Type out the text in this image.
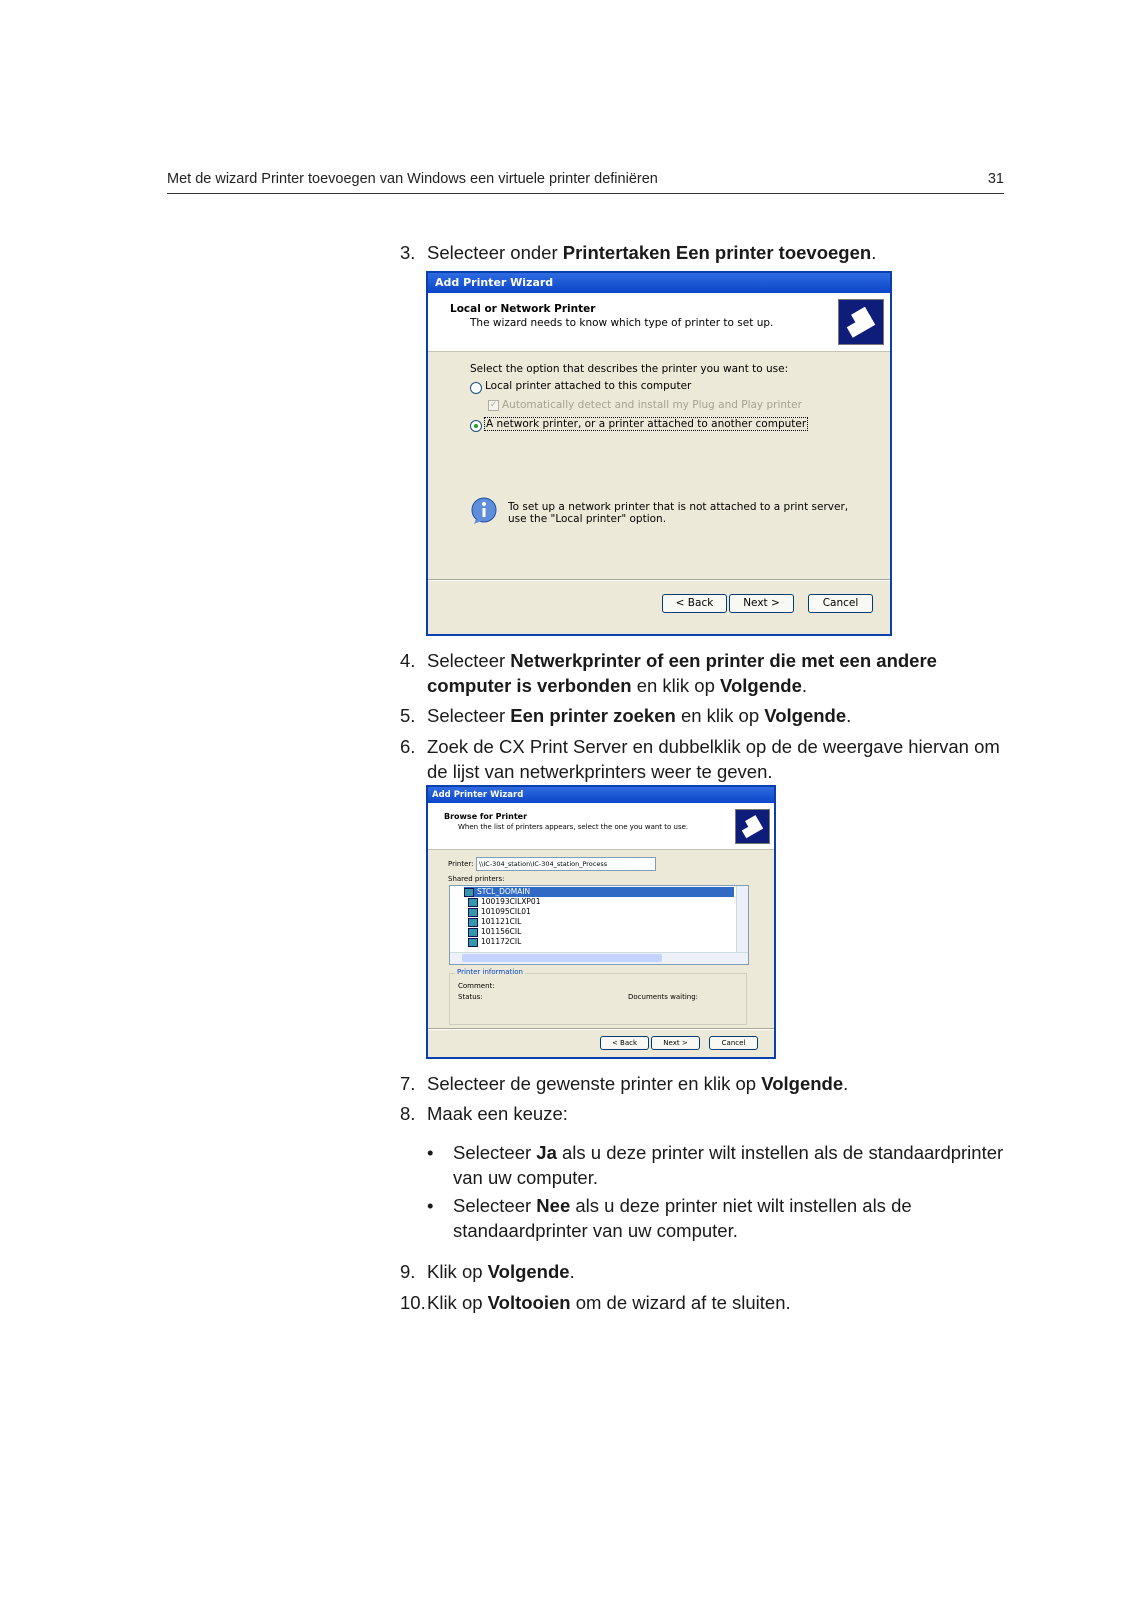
Met de wizard Printer toevoegen van Windows een virtuele printer definiëren	31
3. Selecteer onder Printertaken Een printer toevoegen.
Add Printer Wizard
Local or Network Printer
The wizard needs to know which type of printer to set up.
Select the option that describes the printer you want to use:
Local printer attached to this computer
✓ Automatically detect and install my Plug and Play printer
A network printer, or a printer attached to another computer
To set up a network printer that is not attached to a print server,
use the "Local printer" option.
< Back	Next >	Cancel
4. Selecteer Netwerkprinter of een printer die met een andere computer is verbonden en klik op Volgende.
5. Selecteer Een printer zoeken en klik op Volgende.
6. Zoek de CX Print Server en dubbelklik op de de weergave hiervan om de lijst van netwerkprinters weer te geven.
Add Printer Wizard
Browse for Printer
When the list of printers appears, select the one you want to use.
Printer: \\IC-304_station\IC-304_station_Process
Shared printers:
STCL_DOMAIN
100193CILXP01
101095CIL01
101121CIL
101156CIL
101172CIL
Printer information
Comment:
Status:	Documents waiting:
< Back	Next >	Cancel
7. Selecteer de gewenste printer en klik op Volgende.
8. Maak een keuze:
• Selecteer Ja als u deze printer wilt instellen als de standaardprinter van uw computer.
• Selecteer Nee als u deze printer niet wilt instellen als de standaardprinter van uw computer.
9. Klik op Volgende.
10. Klik op Voltooien om de wizard af te sluiten.
